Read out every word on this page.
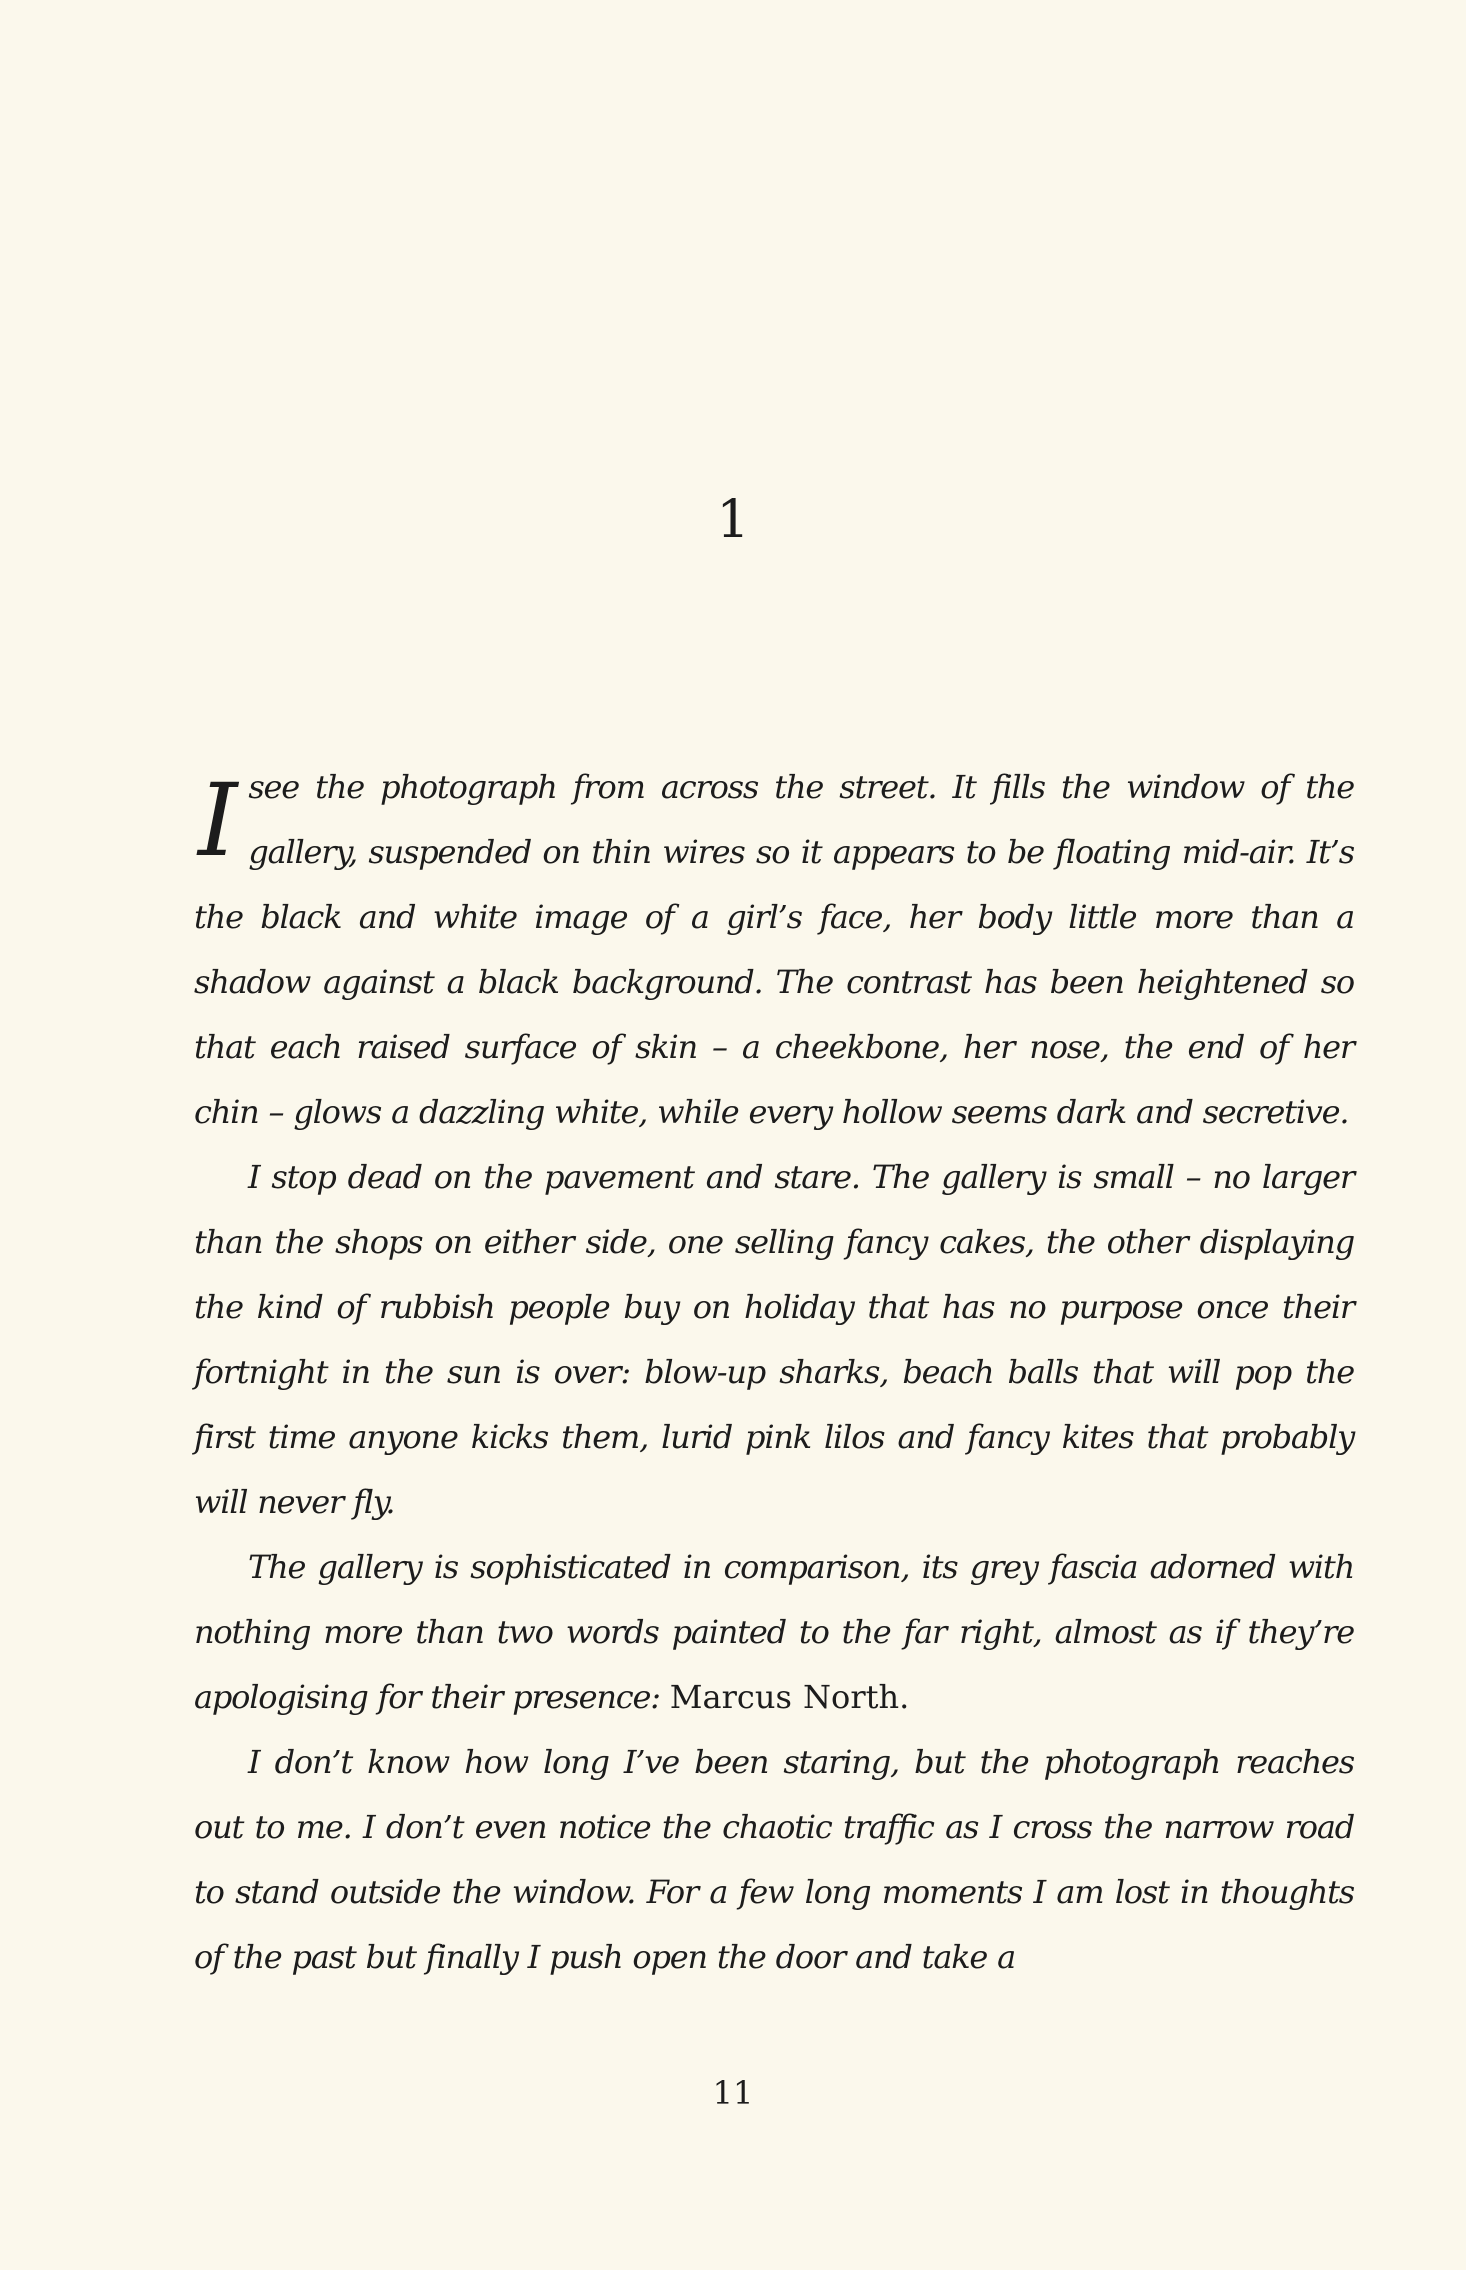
1

I see the photograph from across the street. It fills the window of the gallery, suspended on thin wires so it appears to be floating mid-air. It’s the black and white image of a girl’s face, her body little more than a shadow against a black background. The contrast has been heightened so that each raised surface of skin – a cheekbone, her nose, the end of her chin – glows a dazzling white, while every hollow seems dark and secretive.

I stop dead on the pavement and stare. The gallery is small – no larger than the shops on either side, one selling fancy cakes, the other displaying the kind of rubbish people buy on holiday that has no purpose once their fortnight in the sun is over: blow-up sharks, beach balls that will pop the first time anyone kicks them, lurid pink lilos and fancy kites that probably will never fly.

The gallery is sophisticated in comparison, its grey fascia adorned with nothing more than two words painted to the far right, almost as if they’re apologising for their presence: Marcus North.

I don’t know how long I’ve been staring, but the photograph reaches out to me. I don’t even notice the chaotic traffic as I cross the narrow road to stand outside the window. For a few long moments I am lost in thoughts of the past but finally I push open the door and take a

11
